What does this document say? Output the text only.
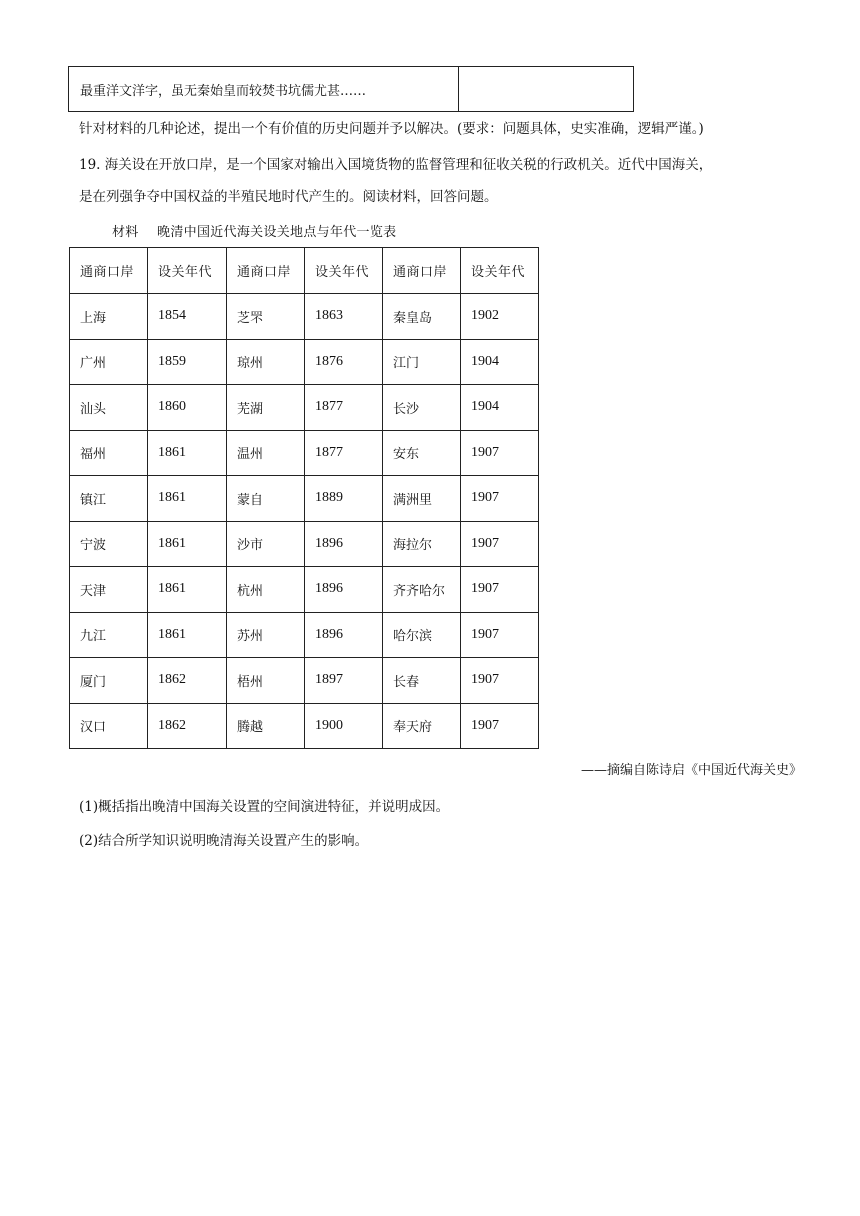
最重洋文洋字，虽无秦始皇而较焚书坑儒尤甚……	
针对材料的几种论述，提出一个有价值的历史问题并予以解决。(要求：问题具体，史实准确，逻辑严谨。)
19. 海关设在开放口岸，是一个国家对输出入国境货物的监督管理和征收关税的行政机关。近代中国海关，
是在列强争夺中国权益的半殖民地时代产生的。阅读材料，回答问题。
材料 晚清中国近代海关设关地点与年代一览表
通商口岸	设关年代	通商口岸	设关年代	通商口岸	设关年代
上海	1854	芝罘	1863	秦皇岛	1902
广州	1859	琼州	1876	江门	1904
汕头	1860	芜湖	1877	长沙	1904
福州	1861	温州	1877	安东	1907
镇江	1861	蒙自	1889	满洲里	1907
宁波	1861	沙市	1896	海拉尔	1907
天津	1861	杭州	1896	齐齐哈尔	1907
九江	1861	苏州	1896	哈尔滨	1907
厦门	1862	梧州	1897	长春	1907
汉口	1862	腾越	1900	奉天府	1907
——摘编自陈诗启《中国近代海关史》
(1)概括指出晚清中国海关设置的空间演进特征，并说明成因。
(2)结合所学知识说明晚清海关设置产生的影响。
